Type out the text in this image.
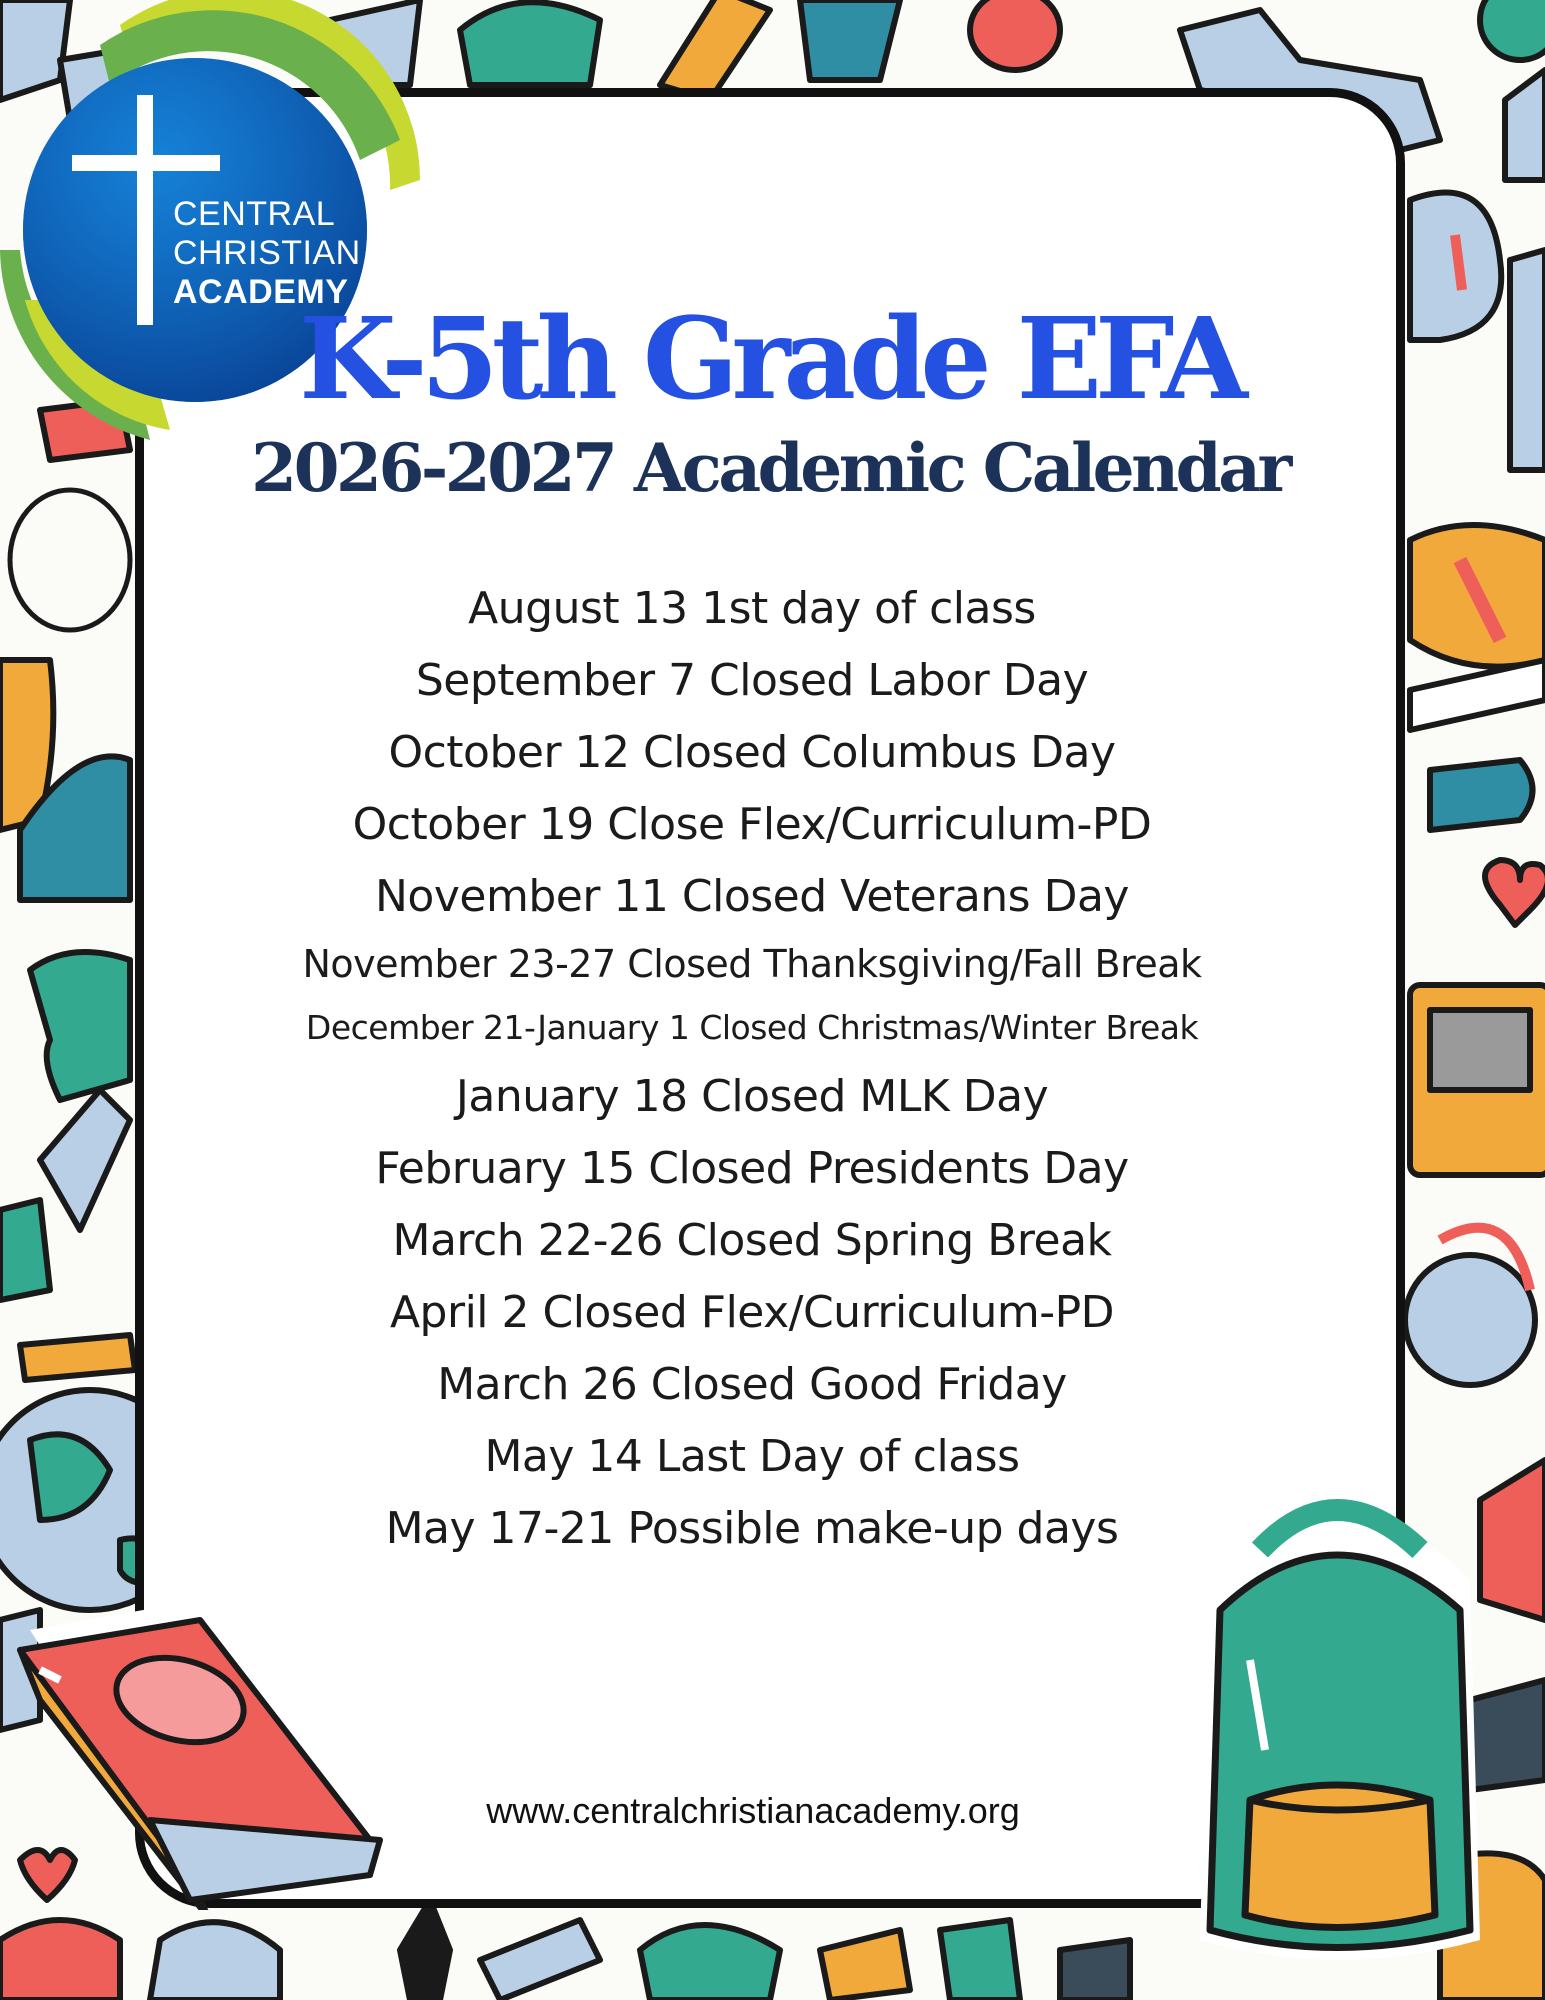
CENTRAL
CHRISTIAN
ACADEMY
K-5th Grade EFA
2026-2027 Academic Calendar
August 13 1st day of class
September 7 Closed Labor Day
October 12 Closed Columbus Day
October 19 Close Flex/Curriculum-PD
November 11 Closed Veterans Day
November 23-27 Closed Thanksgiving/Fall Break
December 21-January 1 Closed Christmas/Winter Break
January 18 Closed MLK Day
February 15 Closed Presidents Day
March 22-26 Closed Spring Break
April 2 Closed Flex/Curriculum-PD
March 26 Closed Good Friday
May 14 Last Day of class
May 17-21 Possible make-up days

www.centralchristianacademy.org
